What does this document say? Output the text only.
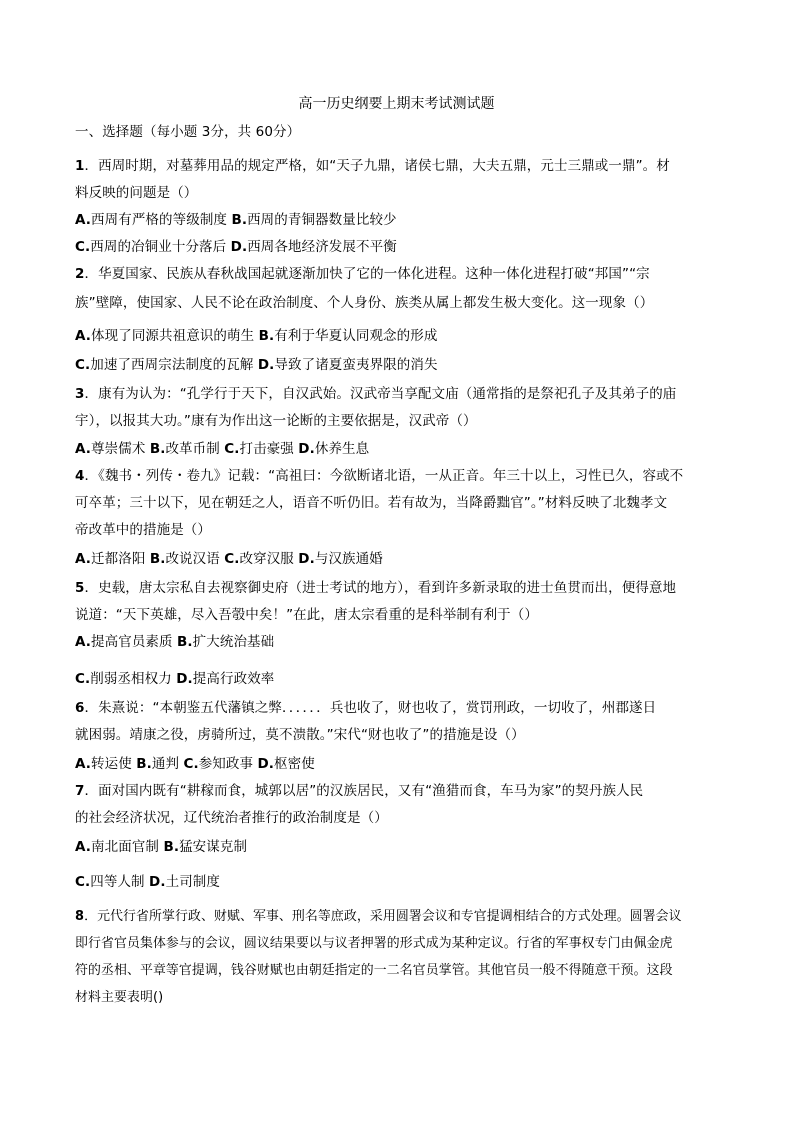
高一历史纲要上期末考试测试题
一、选择题（每小题 3分，共 60分）
1．西周时期，对墓葬用品的规定严格，如“天子九鼎，诸侯七鼎，大夫五鼎，元士三鼎或一鼎”。材
料反映的问题是（）
A.西周有严格的等级制度 B.西周的青铜器数量比较少
C.西周的冶铜业十分落后 D.西周各地经济发展不平衡
2．华夏国家、民族从春秋战国起就逐渐加快了它的一体化进程。这种一体化进程打破“邦国”“宗
族”壁障，使国家、人民不论在政治制度、个人身份、族类从属上都发生极大变化。这一现象（）
A.体现了同源共祖意识的萌生 B.有利于华夏认同观念的形成
C.加速了西周宗法制度的瓦解 D.导致了诸夏蛮夷界限的消失
3．康有为认为：“孔学行于天下，自汉武始。汉武帝当享配文庙（通常指的是祭祀孔子及其弟子的庙
宇），以报其大功。”康有为作出这一论断的主要依据是，汉武帝（）
A.尊崇儒术 B.改革币制 C.打击豪强 D.休养生息
4．《魏书・列传・卷九》记载：“高祖曰：今欲断诸北语，一从正音。年三十以上，习性已久，容或不
可卒革；三十以下，见在朝廷之人，语音不听仍旧。若有故为，当降爵黜官”。”材料反映了北魏孝文
帝改革中的措施是（）
A.迁都洛阳 B.改说汉语 C.改穿汉服 D.与汉族通婚
5．史载，唐太宗私自去视察御史府（进士考试的地方），看到许多新录取的进士鱼贯而出，便得意地
说道：“天下英雄，尽入吾彀中矣！”在此，唐太宗看重的是科举制有利于（）
A.提高官员素质 B.扩大统治基础
C.削弱丞相权力 D.提高行政效率
6．朱熹说：“本朝鉴五代藩镇之弊．．．．．．兵也收了，财也收了，赏罚刑政，一切收了，州郡遂日
就困弱。靖康之役，虏骑所过，莫不溃散。”宋代“财也收了”的措施是设（）
A.转运使 B.通判 C.参知政事 D.枢密使
7．面对国内既有“耕稼而食，城郭以居”的汉族居民，又有“渔猎而食，车马为家”的契丹族人民
的社会经济状况，辽代统治者推行的政治制度是（）
A.南北面官制 B.猛安谋克制
C.四等人制 D.土司制度
8．元代行省所掌行政、财赋、军事、刑名等庶政，采用圆署会议和专官提调相结合的方式处理。圆署会议
即行省官员集体参与的会议，圆议结果要以与议者押署的形式成为某种定议。行省的军事权专门由佩金虎
符的丞相、平章等官提调，钱谷财赋也由朝廷指定的一二名官员掌管。其他官员一般不得随意干预。这段
材料主要表明()
